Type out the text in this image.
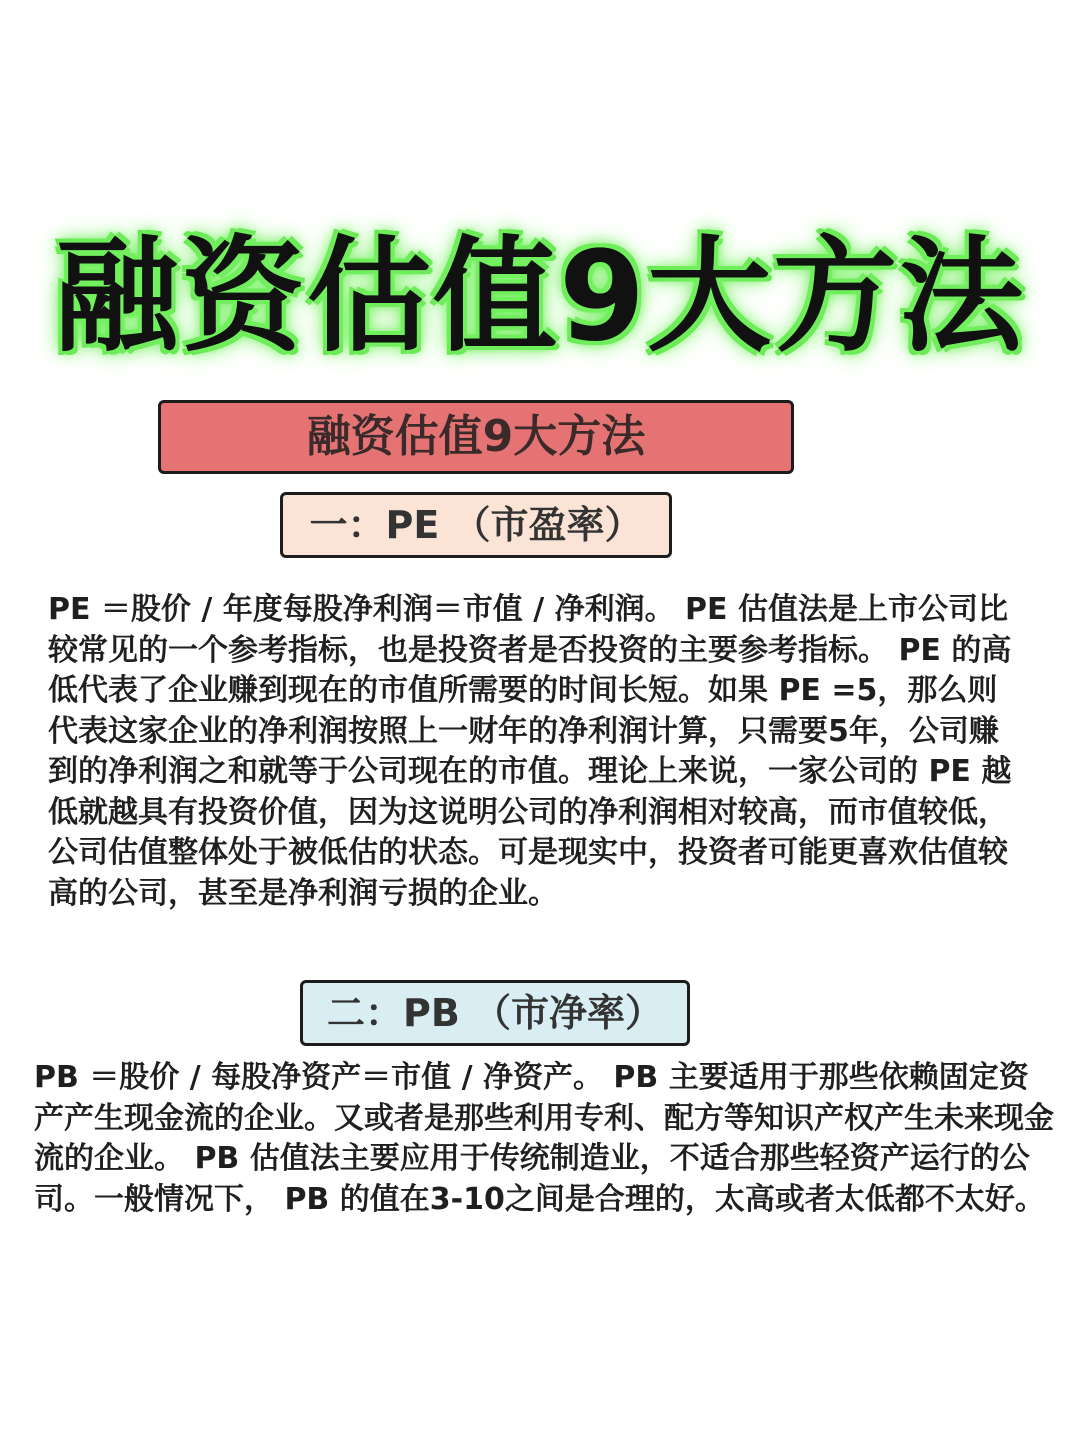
融资估值9大方法
融资估值9大方法
一：PE （市盈率）

PE ＝股价 / 年度每股净利润＝市值 / 净利润。 PE 估值法是上市公司比较常见的一个参考指标，也是投资者是否投资的主要参考指标。 PE 的高低代表了企业赚到现在的市值所需要的时间长短。如果 PE =5，那么则代表这家企业的净利润按照上一财年的净利润计算，只需要5年，公司赚到的净利润之和就等于公司现在的市值。理论上来说，一家公司的 PE 越低就越具有投资价值，因为这说明公司的净利润相对较高，而市值较低，公司估值整体处于被低估的状态。可是现实中，投资者可能更喜欢估值较高的公司，甚至是净利润亏损的企业。

二：PB （市净率）

PB ＝股价 / 每股净资产＝市值 / 净资产。 PB 主要适用于那些依赖固定资产产生现金流的企业。又或者是那些利用专利、配方等知识产权产生未来现金流的企业。 PB 估值法主要应用于传统制造业，不适合那些轻资产运行的公司。一般情况下， PB 的值在3-10之间是合理的，太高或者太低都不太好。
